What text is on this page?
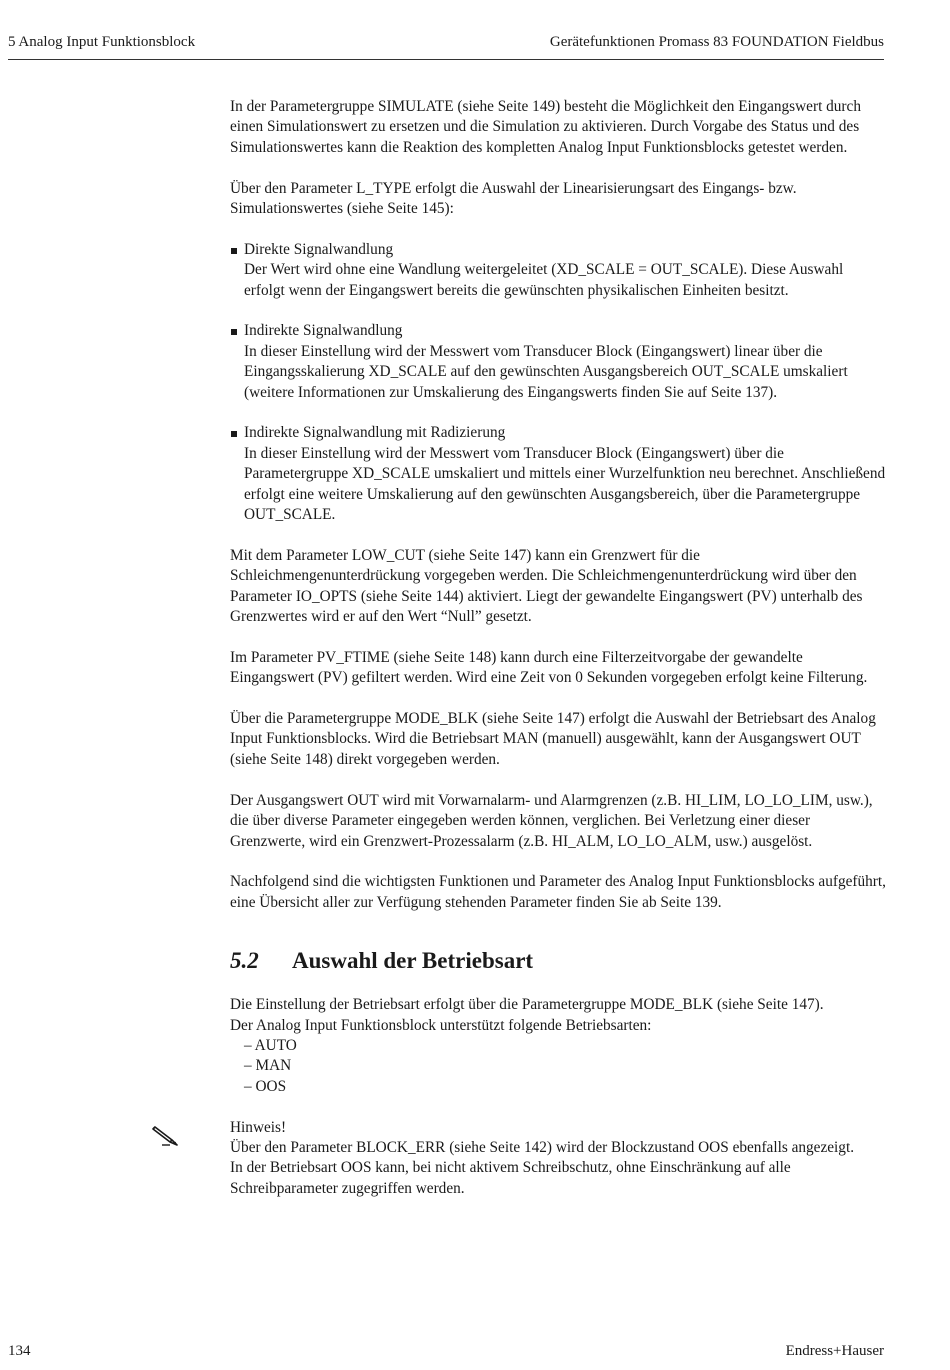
5 Analog Input Funktionsblock	Gerätefunktionen Promass 83 FOUNDATION Fieldbus

In der Parametergruppe SIMULATE (siehe Seite 149) besteht die Möglichkeit den Eingangswert durch einen Simulationswert zu ersetzen und die Simulation zu aktivieren. Durch Vorgabe des Status und des Simulationswertes kann die Reaktion des kompletten Analog Input Funktionsblocks getestet werden.

Über den Parameter L_TYPE erfolgt die Auswahl der Linearisierungsart des Eingangs- bzw. Simulationswertes (siehe Seite 145):

Direkte Signalwandlung
Der Wert wird ohne eine Wandlung weitergeleitet (XD_SCALE = OUT_SCALE). Diese Auswahl erfolgt wenn der Eingangswert bereits die gewünschten physikalischen Einheiten besitzt.
Indirekte Signalwandlung
In dieser Einstellung wird der Messwert vom Transducer Block (Eingangswert) linear über die Eingangsskalierung XD_SCALE auf den gewünschten Ausgangsbereich OUT_SCALE umskaliert (weitere Informationen zur Umskalierung des Eingangswerts finden Sie auf Seite 137).
Indirekte Signalwandlung mit Radizierung
In dieser Einstellung wird der Messwert vom Transducer Block (Eingangswert) über die Parametergruppe XD_SCALE umskaliert und mittels einer Wurzelfunktion neu berechnet. Anschließend erfolgt eine weitere Umskalierung auf den gewünschten Ausgangsbereich, über die Parametergruppe OUT_SCALE.

Mit dem Parameter LOW_CUT (siehe Seite 147) kann ein Grenzwert für die Schleichmengenunterdrückung vorgegeben werden. Die Schleichmengenunterdrückung wird über den Parameter IO_OPTS (siehe Seite 144) aktiviert. Liegt der gewandelte Eingangswert (PV) unterhalb des Grenzwertes wird er auf den Wert “Null” gesetzt.

Im Parameter PV_FTIME (siehe Seite 148) kann durch eine Filterzeitvorgabe der gewandelte Eingangswert (PV) gefiltert werden. Wird eine Zeit von 0 Sekunden vorgegeben erfolgt keine Filterung.

Über die Parametergruppe MODE_BLK (siehe Seite 147) erfolgt die Auswahl der Betriebsart des Analog Input Funktionsblocks. Wird die Betriebsart MAN (manuell) ausgewählt, kann der Ausgangswert OUT (siehe Seite 148) direkt vorgegeben werden.

Der Ausgangswert OUT wird mit Vorwarnalarm- und Alarmgrenzen (z.B. HI_LIM, LO_LO_LIM, usw.), die über diverse Parameter eingegeben werden können, verglichen. Bei Verletzung einer dieser Grenzwerte, wird ein Grenzwert-Prozessalarm (z.B. HI_ALM, LO_LO_ALM, usw.) ausgelöst.

Nachfolgend sind die wichtigsten Funktionen und Parameter des Analog Input Funktionsblocks aufgeführt, eine Übersicht aller zur Verfügung stehenden Parameter finden Sie ab Seite 139.

5.2 Auswahl der Betriebsart
Die Einstellung der Betriebsart erfolgt über die Parametergruppe MODE_BLK (siehe Seite 147).
Der Analog Input Funktionsblock unterstützt folgende Betriebsarten:
– AUTO
– MAN
– OOS
Hinweis!
Über den Parameter BLOCK_ERR (siehe Seite 142) wird der Blockzustand OOS ebenfalls angezeigt.
In der Betriebsart OOS kann, bei nicht aktivem Schreibschutz, ohne Einschränkung auf alle Schreibparameter zugegriffen werden.
134	Endress+Hauser
